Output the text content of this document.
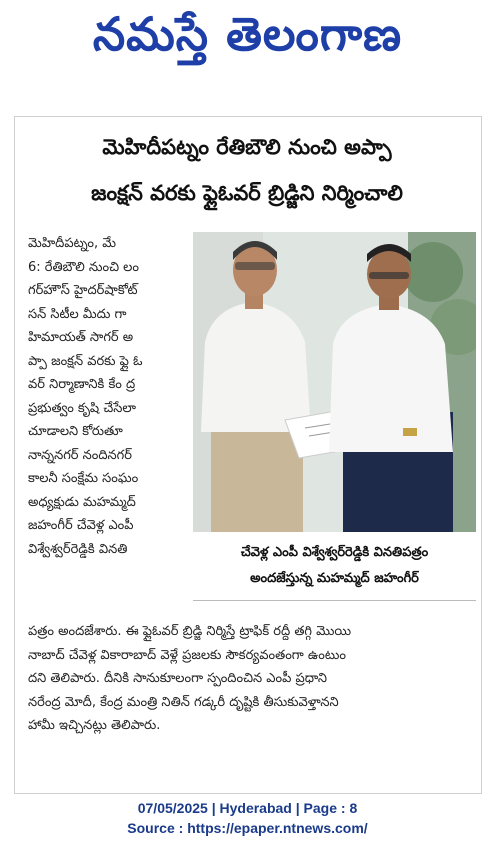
నమస్తే తెలంగాణ
మెహిదీపట్నం రేతిబౌలి నుంచి అప్పా
జంక్షన్ వరకు ఫ్లైఓవర్ బ్రిడ్జిని నిర్మించాలి
మెహిదీపట్నం, మే
6: రేతిబౌలి నుంచి లం
గర్‌హౌస్ హైదర్‌షాకోట్
సన్ సిటీల మీదు గా
హిమాయత్ సాగర్ అ
ప్పా జంక్షన్ వరకు ఫ్లై ఓ
వర్ నిర్మాణానికి కేం ద్ర
ప్రభుత్వం కృషి చేసేలా
చూడాలని కోరుతూ
నాన్ననగర్ నందినగర్
కాలనీ సంక్షేమ సంఘం
అధ్యక్షుడు మహమ్మద్
జహంగీర్ చేవెళ్ల ఎంపీ
విశ్వేశ్వర్‌రెడ్డికి వినతి	చేవెళ్ల ఎంపీ విశ్వేశ్వర్‌రెడ్డికి వినతిపత్రం
అందజేస్తున్న మహమ్మద్ జహంగీర్
పత్రం అందజేశారు. ఈ ఫ్లైఓవర్ బ్రిడ్జి నిర్మిస్తే ట్రాఫిక్ రద్దీ తగ్గి మొయి
నాబాద్ చేవెళ్ల వికారాబాద్ వెళ్లే ప్రజలకు సౌకర్యవంతంగా ఉంటుం
దని తెలిపారు. దీనికి సానుకూలంగా స్పందించిన ఎంపీ ప్రధాని
నరేంద్ర మోదీ, కేంద్ర మంత్రి నితిన్ గడ్కరీ దృష్టికి తీసుకువెళ్తానని
హామీ ఇచ్చినట్లు తెలిపారు.
07/05/2025 | Hyderabad | Page : 8
Source : https://epaper.ntnews.com/
